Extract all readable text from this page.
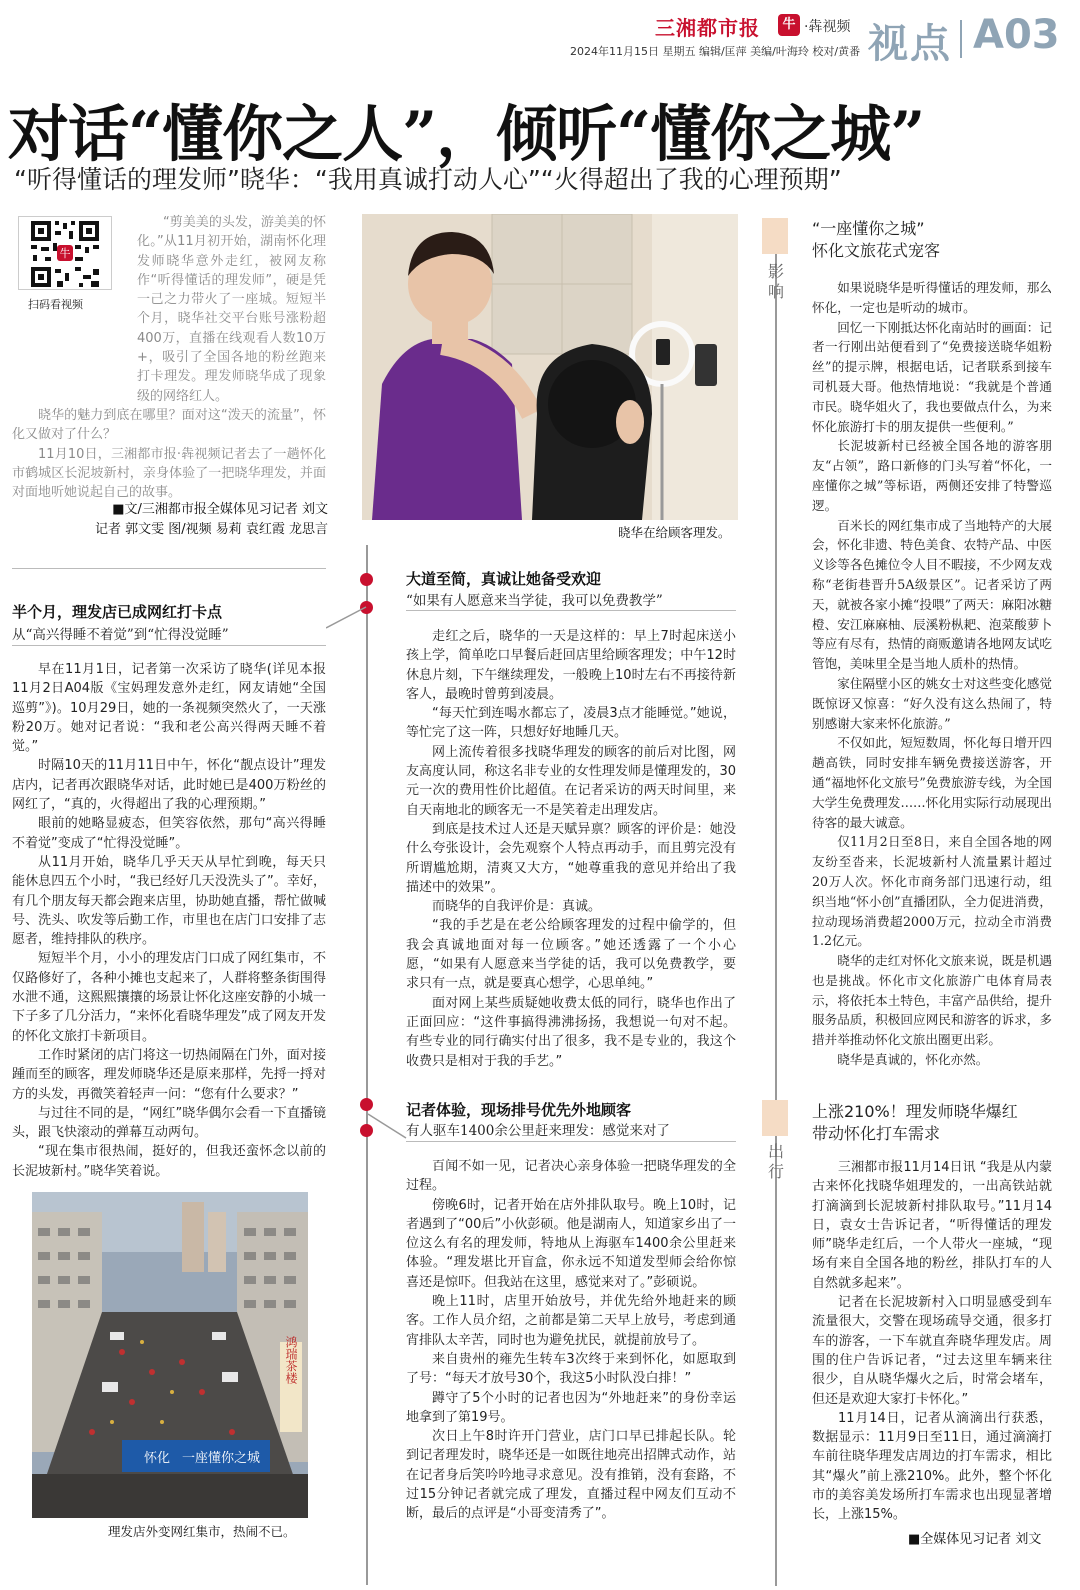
三湘都市报	牛 ·犇视频
2024年11月15日 星期五 编辑/匡萍 美编/叶海玲 校对/黄番 视点 A03
对话“懂你之人”，倾听“懂你之城”
“听得懂话的理发师”晓华：“我用真诚打动人心”“火得超出了我的心理预期”
牛
扫码看视频

“剪美美的头发，游美美的怀化。”从11月初开始，湖南怀化理发师晓华意外走红，被网友称作“听得懂话的理发师”，硬是凭一己之力带火了一座城。短短半个月，晓华社交平台账号涨粉超400万，直播在线观看人数10万+，吸引了全国各地的粉丝跑来打卡理发。理发师晓华成了现象级的网络红人。

晓华的魅力到底在哪里？面对这“泼天的流量”，怀化又做对了什么？

11月10日，三湘都市报·犇视频记者去了一趟怀化市鹤城区长泥坡新村，亲身体验了一把晓华理发，并面对面地听她说起自己的故事。

■文/三湘都市报全媒体见习记者 刘文
记者 郭文雯 图/视频 易莉 袁红霞 龙思言	晓华在给顾客理发。
影响
出行
半个月，理发店已成网红打卡点
从“高兴得睡不着觉”到“忙得没觉睡”

早在11月1日，记者第一次采访了晓华(详见本报11月2日A04版《宝妈理发意外走红，网友请她“全国巡剪”》)。10月29日，她的一条视频突然火了，一天涨粉20万。她对记者说：“我和老公高兴得两天睡不着觉。”

时隔10天的11月11日中午，怀化“靓点设计”理发店内，记者再次跟晓华对话，此时她已是400万粉丝的网红了，“真的，火得超出了我的心理预期。”

眼前的她略显疲态，但笑容依然，那句“高兴得睡不着觉”变成了“忙得没觉睡”。

从11月开始，晓华几乎天天从早忙到晚，每天只能休息四五个小时，“我已经好几天没洗头了”。幸好，有几个朋友每天都会跑来店里，协助她直播，帮忙做喊号、洗头、吹发等后勤工作，市里也在店门口安排了志愿者，维持排队的秩序。

短短半个月，小小的理发店门口成了网红集市，不仅路修好了，各种小摊也支起来了，人群将整条街围得水泄不通，这熙熙攘攘的场景让怀化这座安静的小城一下子多了几分活力，“来怀化看晓华理发”成了网友开发的怀化文旅打卡新项目。

工作时紧闭的店门将这一切热闹隔在门外，面对接踵而至的顾客，理发师晓华还是原来那样，先捋一捋对方的头发，再微笑着轻声一问：“您有什么要求？”

与过往不同的是，“网红”晓华偶尔会看一下直播镜头，跟飞快滚动的弹幕互动两句。

“现在集市很热闹，挺好的，但我还蛮怀念以前的长泥坡新村。”晓华笑着说。

鸿瑞茶楼
怀化 一座懂你之城
理发店外变网红集市，热闹不已。
大道至简，真诚让她备受欢迎
“如果有人愿意来当学徒，我可以免费教学”

走红之后，晓华的一天是这样的：早上7时起床送小孩上学，简单吃口早餐后赶回店里给顾客理发；中午12时休息片刻，下午继续理发，一般晚上10时左右不再接待新客人，最晚时曾剪到凌晨。

“每天忙到连喝水都忘了，凌晨3点才能睡觉。”她说，等忙完了这一阵，只想好好地睡几天。

网上流传着很多找晓华理发的顾客的前后对比图，网友高度认同，称这名非专业的女性理发师是懂理发的，30元一次的费用性价比超值。在记者采访的两天时间里，来自天南地北的顾客无一不是笑着走出理发店。

到底是技术过人还是天赋异禀？顾客的评价是：她没什么夸张设计，会先观察个人特点再动手，而且剪完没有所谓尴尬期，清爽又大方，“她尊重我的意见并给出了我描述中的效果”。

而晓华的自我评价是：真诚。

“我的手艺是在老公给顾客理发的过程中偷学的，但我会真诚地面对每一位顾客。”她还透露了一个小心愿，“如果有人愿意来当学徒的话，我可以免费教学，要求只有一点，就是要真心想学，心思单纯。”

面对网上某些质疑她收费太低的同行，晓华也作出了正面回应：“这件事搞得沸沸扬扬，我想说一句对不起。有些专业的同行确实付出了很多，我不是专业的，我这个收费只是相对于我的手艺。”

记者体验，现场排号优先外地顾客
有人驱车1400余公里赶来理发：感觉来对了

百闻不如一见，记者决心亲身体验一把晓华理发的全过程。

傍晚6时，记者开始在店外排队取号。晚上10时，记者遇到了“00后”小伙彭硕。他是湖南人，知道家乡出了一位这么有名的理发师，特地从上海驱车1400余公里赶来体验。“理发堪比开盲盒，你永远不知道发型师会给你惊喜还是惊吓。但我站在这里，感觉来对了。”彭硕说。

晚上11时，店里开始放号，并优先给外地赶来的顾客。工作人员介绍，之前都是第二天早上放号，考虑到通宵排队太辛苦，同时也为避免扰民，就提前放号了。

来自贵州的雍先生转车3次终于来到怀化，如愿取到了号：“每天才放号30个，我这5小时队没白排！”

蹲守了5个小时的记者也因为“外地赶来”的身份幸运地拿到了第19号。

次日上午8时许开门营业，店门口早已排起长队。轮到记者理发时，晓华还是一如既往地亮出招牌式动作，站在记者身后笑吟吟地寻求意见。没有推销，没有套路，不过15分钟记者就完成了理发，直播过程中网友们互动不断，最后的点评是“小哥变清秀了”。

“一座懂你之城”
怀化文旅花式宠客

如果说晓华是听得懂话的理发师，那么怀化，一定也是听动的城市。

回忆一下刚抵达怀化南站时的画面：记者一行刚出站便看到了“免费接送晓华姐粉丝”的提示牌，根据电话，记者联系到接车司机聂大哥。他热情地说：“我就是个普通市民。晓华姐火了，我也要做点什么，为来怀化旅游打卡的朋友提供一些便利。”

长泥坡新村已经被全国各地的游客朋友“占领”，路口新修的门头写着“怀化，一座懂你之城”等标语，两侧还安排了特警巡逻。

百米长的网红集市成了当地特产的大展会，怀化非遗、特色美食、农特产品、中医义诊等各色摊位令人目不暇接，不少网友戏称“老街巷晋升5A级景区”。记者采访了两天，就被各家小摊“投喂”了两天：麻阳冰糖橙、安江麻麻柚、辰溪粉枞耙、泡菜酸萝卜等应有尽有，热情的商贩邀请各地网友试吃管饱，美味里全是当地人质朴的热情。

家住隔壁小区的姚女士对这些变化感觉既惊讶又惊喜：“好久没有这么热闹了，特别感谢大家来怀化旅游。”

不仅如此，短短数周，怀化每日增开四趟高铁，同时安排车辆免费接送游客，开通“福地怀化文旅号”免费旅游专线，为全国大学生免费理发……怀化用实际行动展现出待客的最大诚意。

仅11月2日至8日，来自全国各地的网友纷至沓来，长泥坡新村人流量累计超过20万人次。怀化市商务部门迅速行动，组织当地“怀小创”直播团队，全力促进消费，拉动现场消费超2000万元，拉动全市消费1.2亿元。

晓华的走红对怀化文旅来说，既是机遇也是挑战。怀化市文化旅游广电体育局表示，将依托本土特色，丰富产品供给，提升服务品质，积极回应网民和游客的诉求，多措并举推动怀化文旅出圈更出彩。

晓华是真诚的，怀化亦然。

上涨210%！理发师晓华爆红
带动怀化打车需求

三湘都市报11月14日讯 “我是从内蒙古来怀化找晓华姐理发的，一出高铁站就打滴滴到长泥坡新村排队取号。”11月14日，袁女士告诉记者，“听得懂话的理发师”晓华走红后，一个人带火一座城，“现场有来自全国各地的粉丝，排队打车的人自然就多起来”。

记者在长泥坡新村入口明显感受到车流量很大，交警在现场疏导交通，很多打车的游客，一下车就直奔晓华理发店。周围的住户告诉记者，“过去这里车辆来往很少，自从晓华爆火之后，时常会堵车，但还是欢迎大家打卡怀化。”

11月14日，记者从滴滴出行获悉，数据显示：11月9日至11日，通过滴滴打车前往晓华理发店周边的打车需求，相比其“爆火”前上涨210%。此外，整个怀化市的美容美发场所打车需求也出现显著增长，上涨15%。

■全媒体见习记者 刘文
